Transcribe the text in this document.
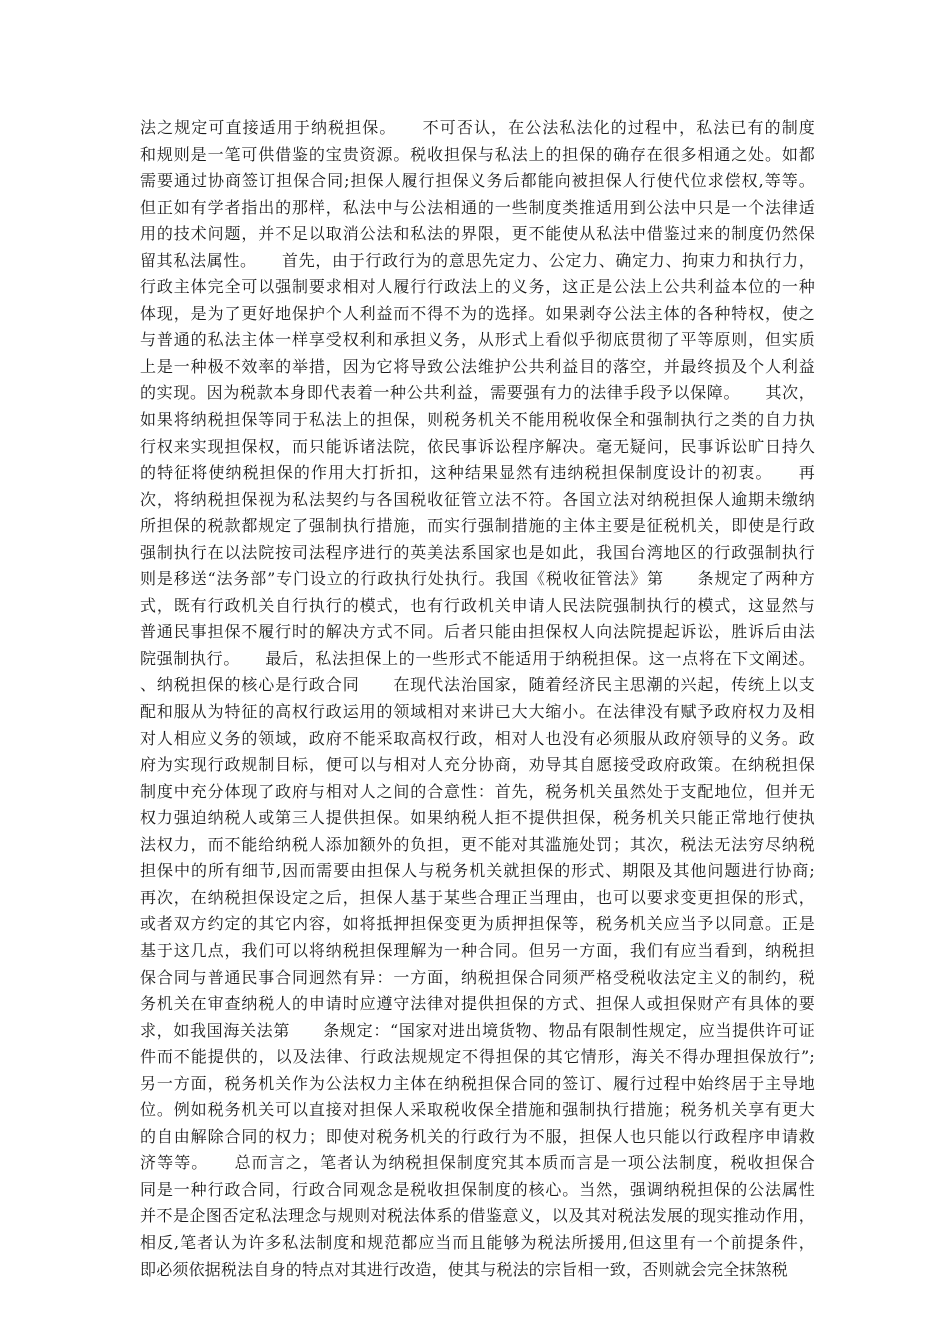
法之规定可直接适用于纳税担保。　　不可否认，在公法私法化的过程中，私法已有的制度
和规则是一笔可供借鉴的宝贵资源。税收担保与私法上的担保的确存在很多相通之处。如都
需要通过协商签订担保合同;担保人履行担保义务后都能向被担保人行使代位求偿权,等等。
但正如有学者指出的那样，私法中与公法相通的一些制度类推适用到公法中只是一个法律适
用的技术问题，并不足以取消公法和私法的界限，更不能使从私法中借鉴过来的制度仍然保
留其私法属性。　　首先，由于行政行为的意思先定力、公定力、确定力、拘束力和执行力，
行政主体完全可以强制要求相对人履行行政法上的义务，这正是公法上公共利益本位的一种
体现，是为了更好地保护个人利益而不得不为的选择。如果剥夺公法主体的各种特权，使之
与普通的私法主体一样享受权利和承担义务，从形式上看似乎彻底贯彻了平等原则，但实质
上是一种极不效率的举措，因为它将导致公法维护公共利益目的落空，并最终损及个人利益
的实现。因为税款本身即代表着一种公共利益，需要强有力的法律手段予以保障。　　其次，
如果将纳税担保等同于私法上的担保，则税务机关不能用税收保全和强制执行之类的自力执
行权来实现担保权，而只能诉诸法院，依民事诉讼程序解决。毫无疑问，民事诉讼旷日持久
的特征将使纳税担保的作用大打折扣，这种结果显然有违纳税担保制度设计的初衷。　　再
次，将纳税担保视为私法契约与各国税收征管立法不符。各国立法对纳税担保人逾期未缴纳
所担保的税款都规定了强制执行措施，而实行强制措施的主体主要是征税机关，即使是行政
强制执行在以法院按司法程序进行的英美法系国家也是如此，我国台湾地区的行政强制执行
则是移送“法务部”专门设立的行政执行处执行。我国《税收征管法》第　　条规定了两种方
式，既有行政机关自行执行的模式，也有行政机关申请人民法院强制执行的模式，这显然与
普通民事担保不履行时的解决方式不同。后者只能由担保权人向法院提起诉讼，胜诉后由法
院强制执行。　　最后，私法担保上的一些形式不能适用于纳税担保。这一点将在下文阐述。
、纳税担保的核心是行政合同　　在现代法治国家，随着经济民主思潮的兴起，传统上以支
配和服从为特征的高权行政运用的领域相对来讲已大大缩小。在法律没有赋予政府权力及相
对人相应义务的领域，政府不能采取高权行政，相对人也没有必须服从政府领导的义务。政
府为实现行政规制目标，便可以与相对人充分协商，劝导其自愿接受政府政策。在纳税担保
制度中充分体现了政府与相对人之间的合意性：首先，税务机关虽然处于支配地位，但并无
权力强迫纳税人或第三人提供担保。如果纳税人拒不提供担保，税务机关只能正常地行使执
法权力，而不能给纳税人添加额外的负担，更不能对其滥施处罚；其次，税法无法穷尽纳税
担保中的所有细节,因而需要由担保人与税务机关就担保的形式、期限及其他问题进行协商;
再次，在纳税担保设定之后，担保人基于某些合理正当理由，也可以要求变更担保的形式，
或者双方约定的其它内容，如将抵押担保变更为质押担保等，税务机关应当予以同意。正是
基于这几点，我们可以将纳税担保理解为一种合同。但另一方面，我们有应当看到，纳税担
保合同与普通民事合同迥然有异：一方面，纳税担保合同须严格受税收法定主义的制约，税
务机关在审查纳税人的申请时应遵守法律对提供担保的方式、担保人或担保财产有具体的要
求，如我国海关法第　　条规定：“国家对进出境货物、物品有限制性规定，应当提供许可证
件而不能提供的，以及法律、行政法规规定不得担保的其它情形，海关不得办理担保放行”;
另一方面，税务机关作为公法权力主体在纳税担保合同的签订、履行过程中始终居于主导地
位。例如税务机关可以直接对担保人采取税收保全措施和强制执行措施；税务机关享有更大
的自由解除合同的权力；即使对税务机关的行政行为不服，担保人也只能以行政程序申请救
济等等。　　总而言之，笔者认为纳税担保制度究其本质而言是一项公法制度，税收担保合
同是一种行政合同，行政合同观念是税收担保制度的核心。当然，强调纳税担保的公法属性
并不是企图否定私法理念与规则对税法体系的借鉴意义，以及其对税法发展的现实推动作用，
相反,笔者认为许多私法制度和规范都应当而且能够为税法所援用,但这里有一个前提条件，
即必须依据税法自身的特点对其进行改造，使其与税法的宗旨相一致，否则就会完全抹煞税
